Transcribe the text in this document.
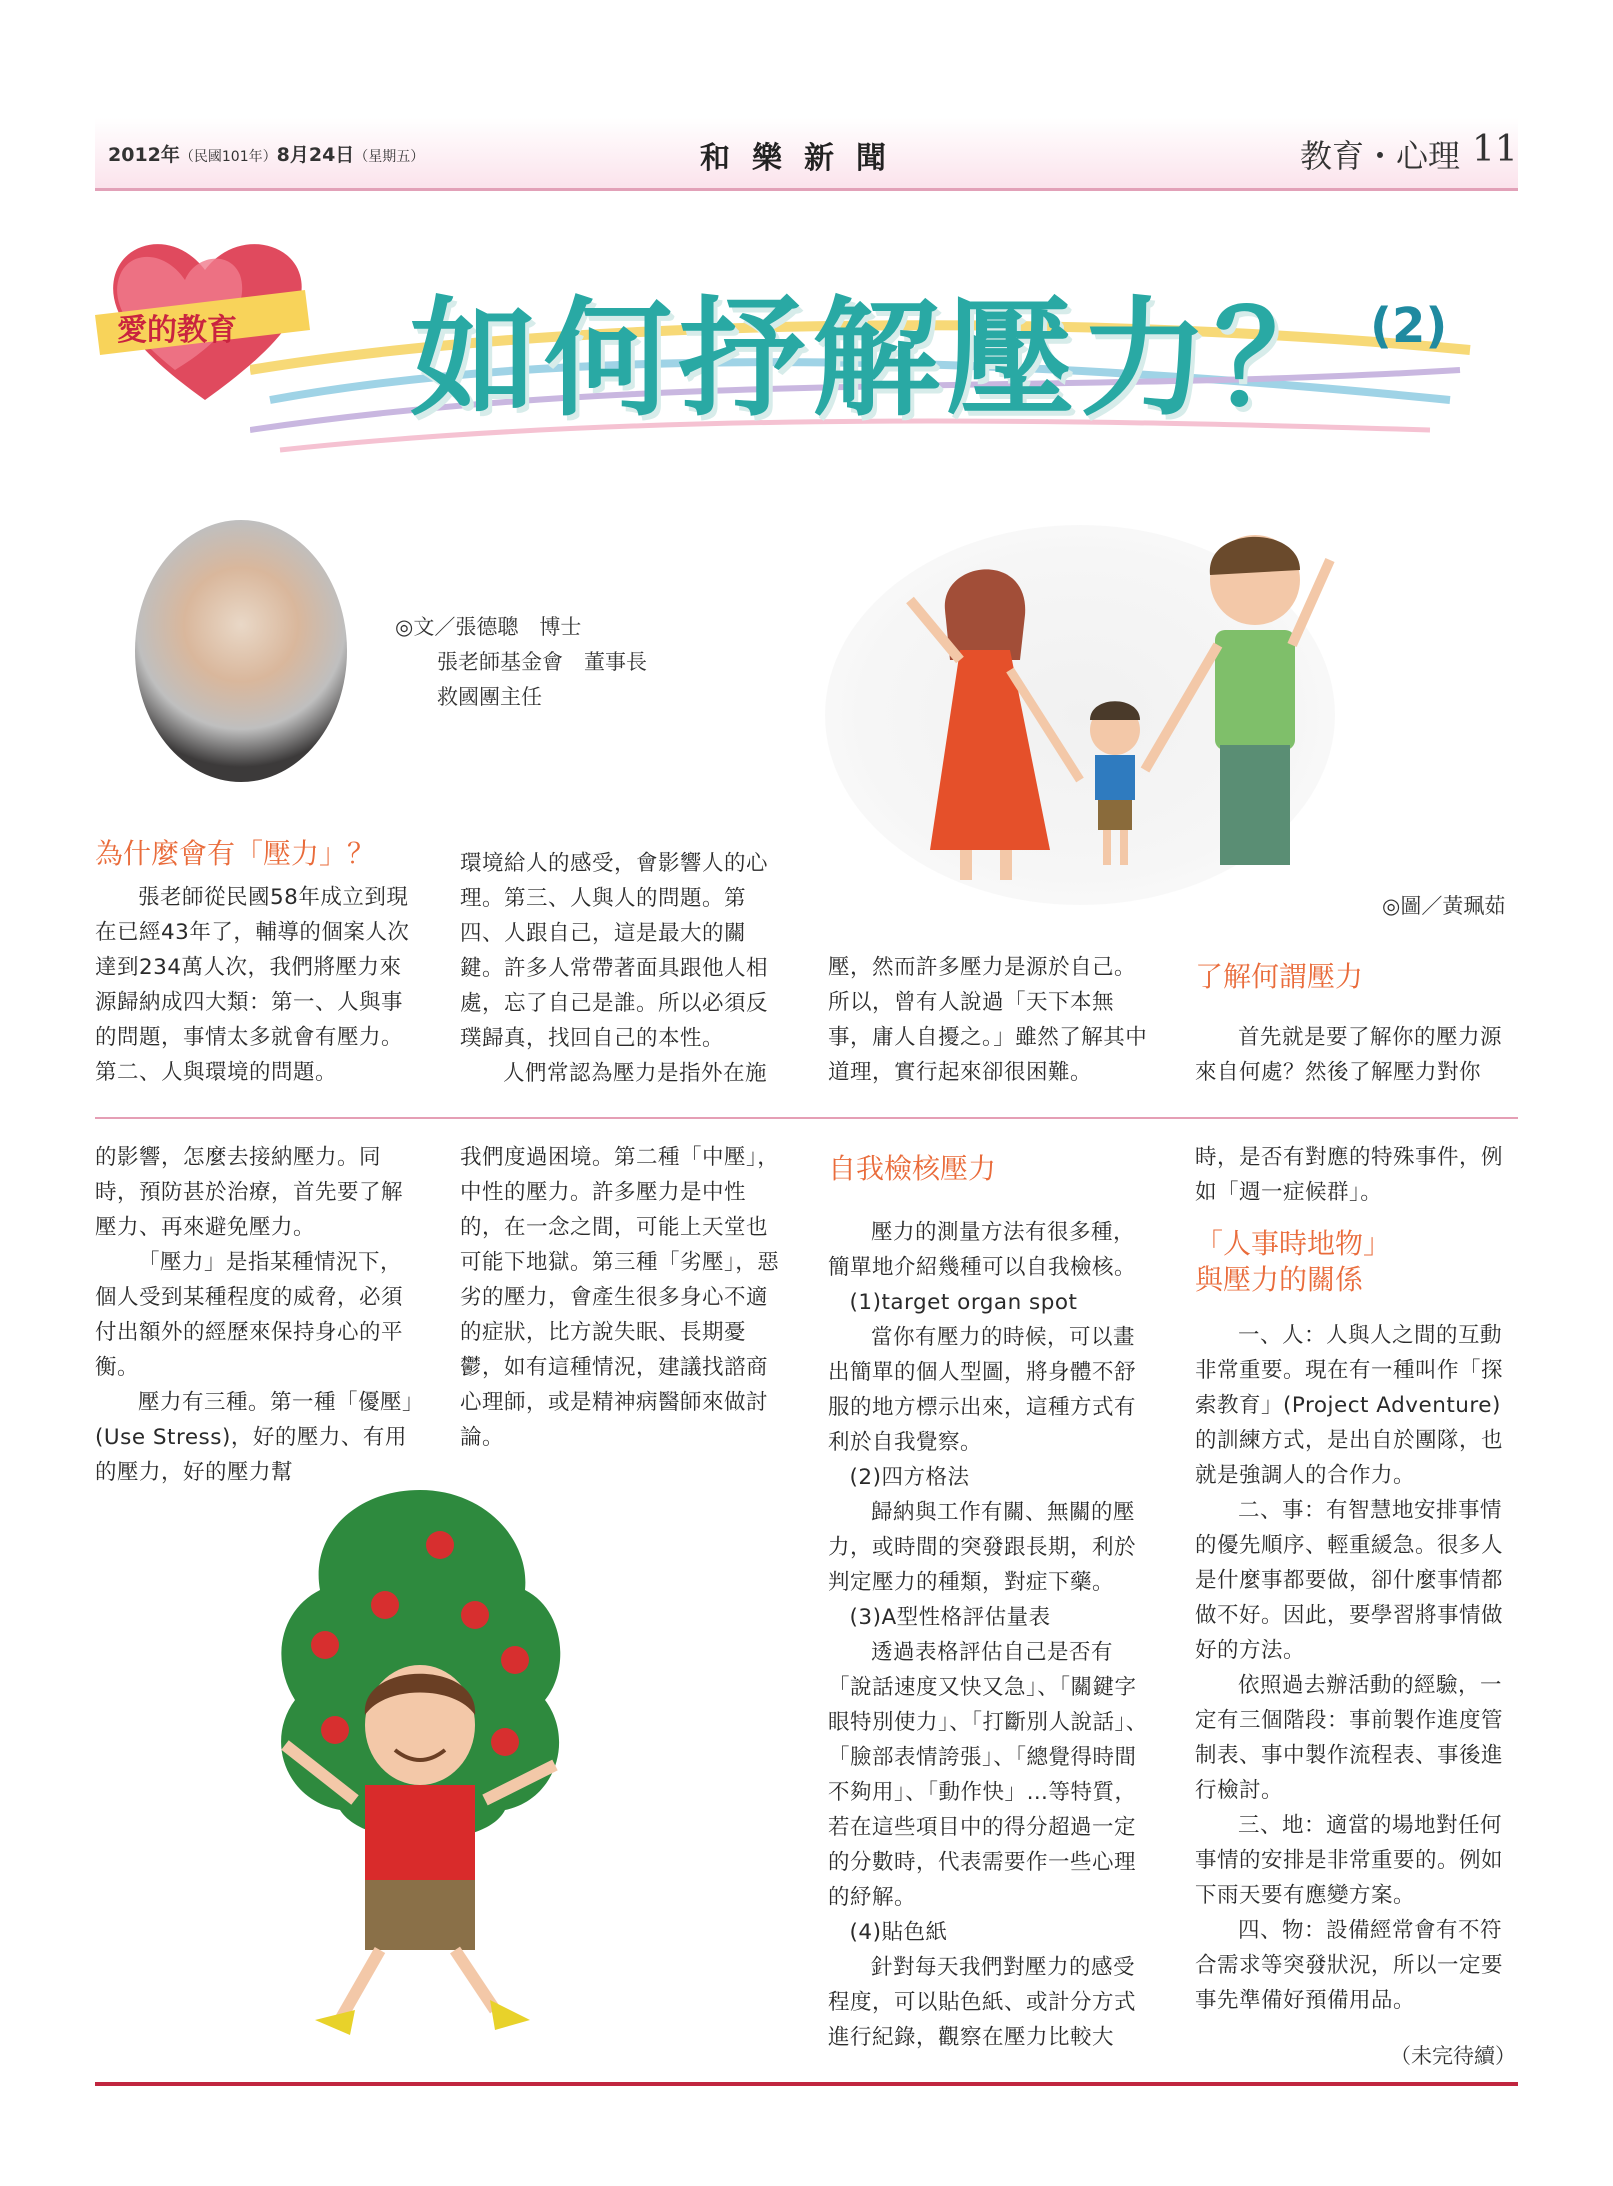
2012年（民國101年）8月24日（星期五）	和樂新聞	教育・心理 11
愛的教育 如何抒解壓力？ (2)
◎文／張德聰　博士
　　張老師基金會　董事長
　　救國團主任
◎圖／黃珮茹
為什麼會有「壓力」？

張老師從民國58年成立到現在已經43年了，輔導的個案人次達到234萬人次，我們將壓力來源歸納成四大類：第一、人與事的問題，事情太多就會有壓力。第二、人與環境的問題。

環境給人的感受，會影響人的心理。第三、人與人的問題。第四、人跟自己，這是最大的關鍵。許多人常帶著面具跟他人相處，忘了自己是誰。所以必須反璞歸真，找回自己的本性。

人們常認為壓力是指外在施

壓，然而許多壓力是源於自己。所以，曾有人說過「天下本無事，庸人自擾之。」雖然了解其中道理，實行起來卻很困難。

了解何謂壓力

首先就是要了解你的壓力源來自何處？然後了解壓力對你

的影響，怎麼去接納壓力。同時，預防甚於治療，首先要了解壓力、再來避免壓力。

「壓力」是指某種情況下，個人受到某種程度的威脅，必須付出額外的經歷來保持身心的平衡。

壓力有三種。第一種「優壓」(Use Stress)，好的壓力、有用的壓力，好的壓力幫

我們度過困境。第二種「中壓」，中性的壓力。許多壓力是中性的，在一念之間，可能上天堂也可能下地獄。第三種「劣壓」，惡劣的壓力，會產生很多身心不適的症狀，比方說失眠、長期憂鬱，如有這種情況，建議找諮商心理師，或是精神病醫師來做討論。

自我檢核壓力

壓力的測量方法有很多種，簡單地介紹幾種可以自我檢核。

(1)target organ spot

當你有壓力的時候，可以畫出簡單的個人型圖，將身體不舒服的地方標示出來，這種方式有利於自我覺察。

(2)四方格法

歸納與工作有關、無關的壓力，或時間的突發跟長期，利於判定壓力的種類，對症下藥。

(3)A型性格評估量表

透過表格評估自己是否有「說話速度又快又急」、「關鍵字眼特別使力」、「打斷別人說話」、「臉部表情誇張」、「總覺得時間不夠用」、「動作快」…等特質，若在這些項目中的得分超過一定的分數時，代表需要作一些心理的紓解。

(4)貼色紙

針對每天我們對壓力的感受程度，可以貼色紙、或計分方式進行紀錄，觀察在壓力比較大

時，是否有對應的特殊事件，例如「週一症候群」。

「人事時地物」
與壓力的關係

一、人：人與人之間的互動非常重要。現在有一種叫作「探索教育」(Project Adventure)的訓練方式，是出自於團隊，也就是強調人的合作力。

二、事：有智慧地安排事情的優先順序、輕重緩急。很多人是什麼事都要做，卻什麼事情都做不好。因此，要學習將事情做好的方法。

依照過去辦活動的經驗，一定有三個階段：事前製作進度管制表、事中製作流程表、事後進行檢討。

三、地：適當的場地對任何事情的安排是非常重要的。例如下雨天要有應變方案。

四、物：設備經常會有不符合需求等突發狀況，所以一定要事先準備好預備用品。

（未完待續）
